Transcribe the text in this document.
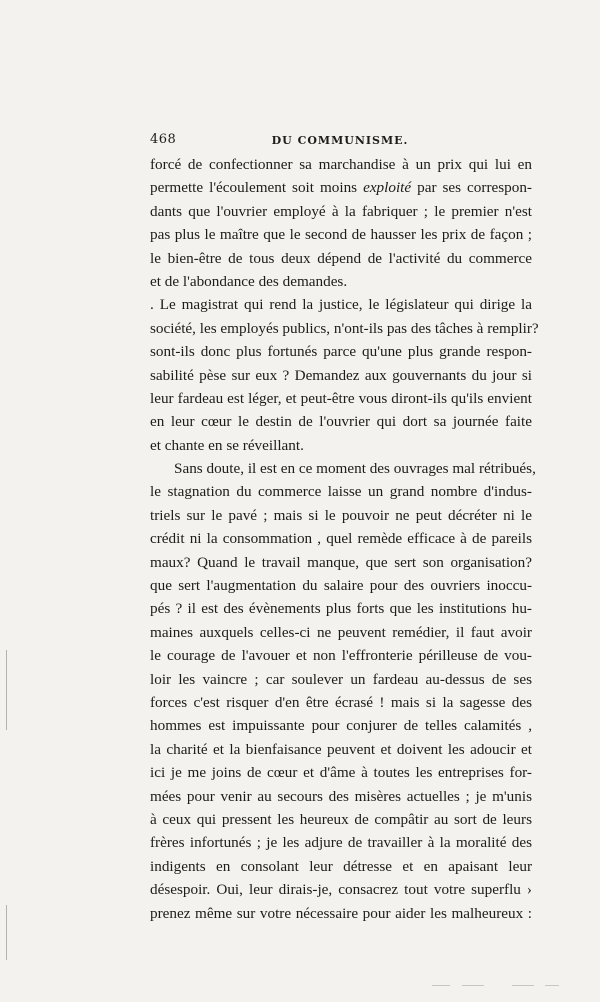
468	DU COMMUNISME.
forcé de confectionner sa marchandise à un prix qui lui en
permette l'écoulement soit moins exploité par ses correspon-
dants que l'ouvrier employé à la fabriquer ; le premier n'est
pas plus le maître que le second de hausser les prix de façon ;
le bien-être de tous deux dépend de l'activité du commerce
et de l'abondance des demandes.
. Le magistrat qui rend la justice, le législateur qui dirige la
société, les employés publics, n'ont-ils pas des tâches à remplir?
sont-ils donc plus fortunés parce qu'une plus grande respon-
sabilité pèse sur eux ? Demandez aux gouvernants du jour si
leur fardeau est léger, et peut-être vous diront-ils qu'ils envient
en leur cœur le destin de l'ouvrier qui dort sa journée faite
et chante en se réveillant.
Sans doute, il est en ce moment des ouvrages mal rétribués,
le stagnation du commerce laisse un grand nombre d'indus-
triels sur le pavé ; mais si le pouvoir ne peut décréter ni le
crédit ni la consommation , quel remède efficace à de pareils
maux? Quand le travail manque, que sert son organisation?
que sert l'augmentation du salaire pour des ouvriers inoccu-
pés ? il est des évènements plus forts que les institutions hu-
maines auxquels celles-ci ne peuvent remédier, il faut avoir
le courage de l'avouer et non l'effronterie périlleuse de vou-
loir les vaincre ; car soulever un fardeau au-dessus de ses
forces c'est risquer d'en être écrasé ! mais si la sagesse des
hommes est impuissante pour conjurer de telles calamités ,
la charité et la bienfaisance peuvent et doivent les adoucir et
ici je me joins de cœur et d'âme à toutes les entreprises for-
mées pour venir au secours des misères actuelles ; je m'unis
à ceux qui pressent les heureux de compâtir au sort de leurs
frères infortunés ; je les adjure de travailler à la moralité des
indigents en consolant leur détresse et en apaisant leur
désespoir. Oui, leur dirais-je, consacrez tout votre superflu ›
prenez même sur votre nécessaire pour aider les malheureux :
